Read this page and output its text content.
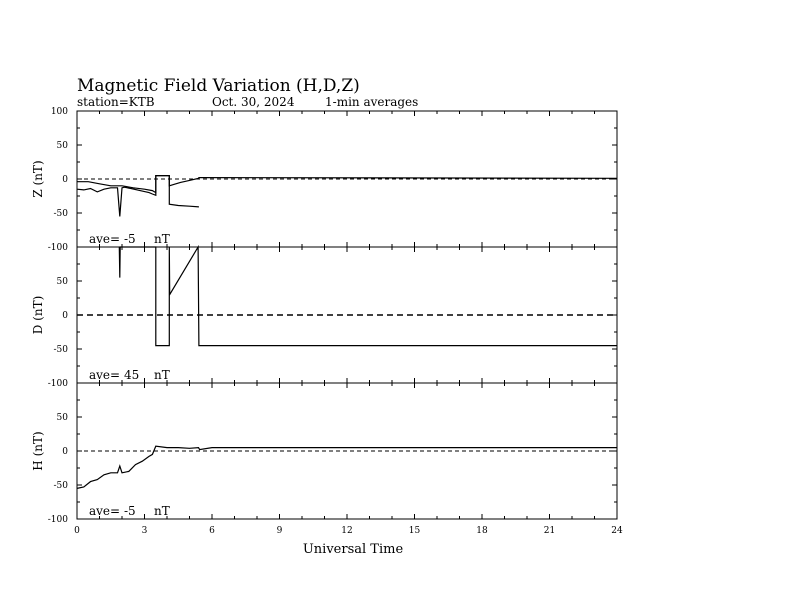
Magnetic Field Variation (H,D,Z)
station=KTB	Oct. 30, 2024	1-min averages
100
50
0
-50
-100
Z (nT)
ave= -5 nT
50
0
-50
-100
D (nT)
ave= 45 nT
50
0
-50
-100
H (nT)
ave= -5 nT
0	3	6	9	12	15	18	21	24
Universal Time
